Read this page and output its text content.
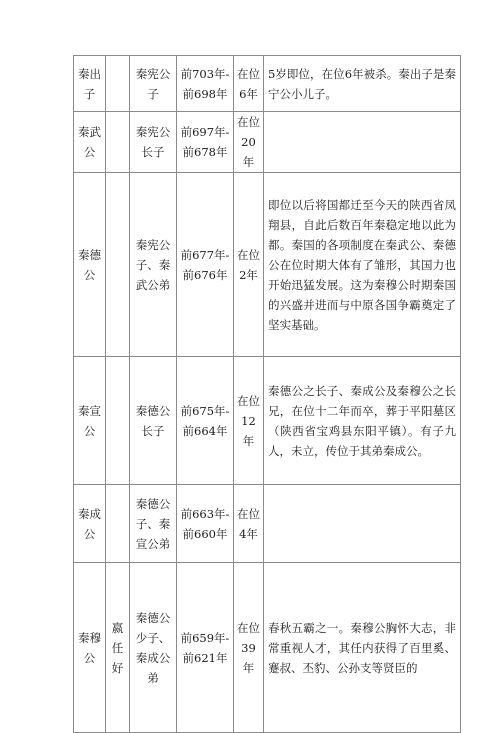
秦出子		秦宪公子	前703年-前698年	在位6年	5岁即位，在位6年被杀。秦出子是秦宁公小儿子。
秦武公		秦宪公长子	前697年-前678年	在位20年	
秦德公		秦宪公子、秦武公弟	前677年-前676年	在位2年	即位以后将国都迁至今天的陕西省凤翔县，自此后数百年秦稳定地以此为都。秦国的各项制度在秦武公、秦德公在位时期大体有了雏形，其国力也开始迅猛发展。这为秦穆公时期秦国的兴盛并进而与中原各国争霸奠定了坚实基础。
秦宣公		秦德公长子	前675年-前664年	在位12年	秦德公之长子、秦成公及秦穆公之长兄，在位十二年而卒，葬于平阳墓区（陕西省宝鸡县东阳平镇）。有子九人，未立，传位于其弟秦成公。
秦成公		秦德公子、秦宣公弟	前663年-前660年	在位4年	
秦穆公	嬴任好	秦德公少子、秦成公弟	前659年-前621年	在位39年	春秋五霸之一。秦穆公胸怀大志，非常重视人才，其任内获得了百里奚、蹇叔、丕豹、公孙支等贤臣的
